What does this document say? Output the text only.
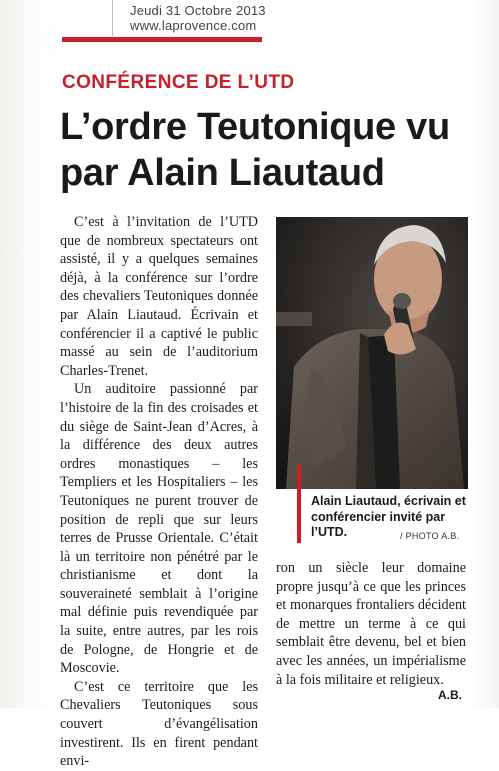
Jeudi 31 Octobre 2013
www.laprovence.com
CONFÉRENCE DE L’UTD
L’ordre Teutonique vu par Alain Liautaud

C’est à l’invitation de l’UTD que de nombreux spectateurs ont assisté, il y a quelques semaines déjà, à la conférence sur l’ordre des chevaliers Teutoniques donnée par Alain Liautaud. Écrivain et conférencier il a captivé le public massé au sein de l’auditorium Charles-Trenet.

Un auditoire passionné par l’histoire de la fin des croisades et du siège de Saint-Jean d’Acres, à la différence des deux autres ordres monastiques – les Templiers et les Hospitaliers – les Teutoniques ne purent trouver de position de repli que sur leurs terres de Prusse Orientale. C’était là un territoire non pénétré par le christianisme et dont la souveraineté semblait à l’origine mal définie puis revendiquée par la suite, entre autres, par les rois de Pologne, de Hongrie et de Moscovie.

C’est ce territoire que les Chevaliers Teutoniques sous couvert d’évangélisation investirent. Ils en firent pendant envi-

Alain Liautaud, écrivain et conférencier invité par l’UTD.	/ PHOTO A.B.

ron un siècle leur domaine propre jusqu’à ce que les princes et monarques frontaliers décident de mettre un terme à ce qui semblait être devenu, bel et bien avec les années, un impérialisme à la fois militaire et religieux.

A.B.
